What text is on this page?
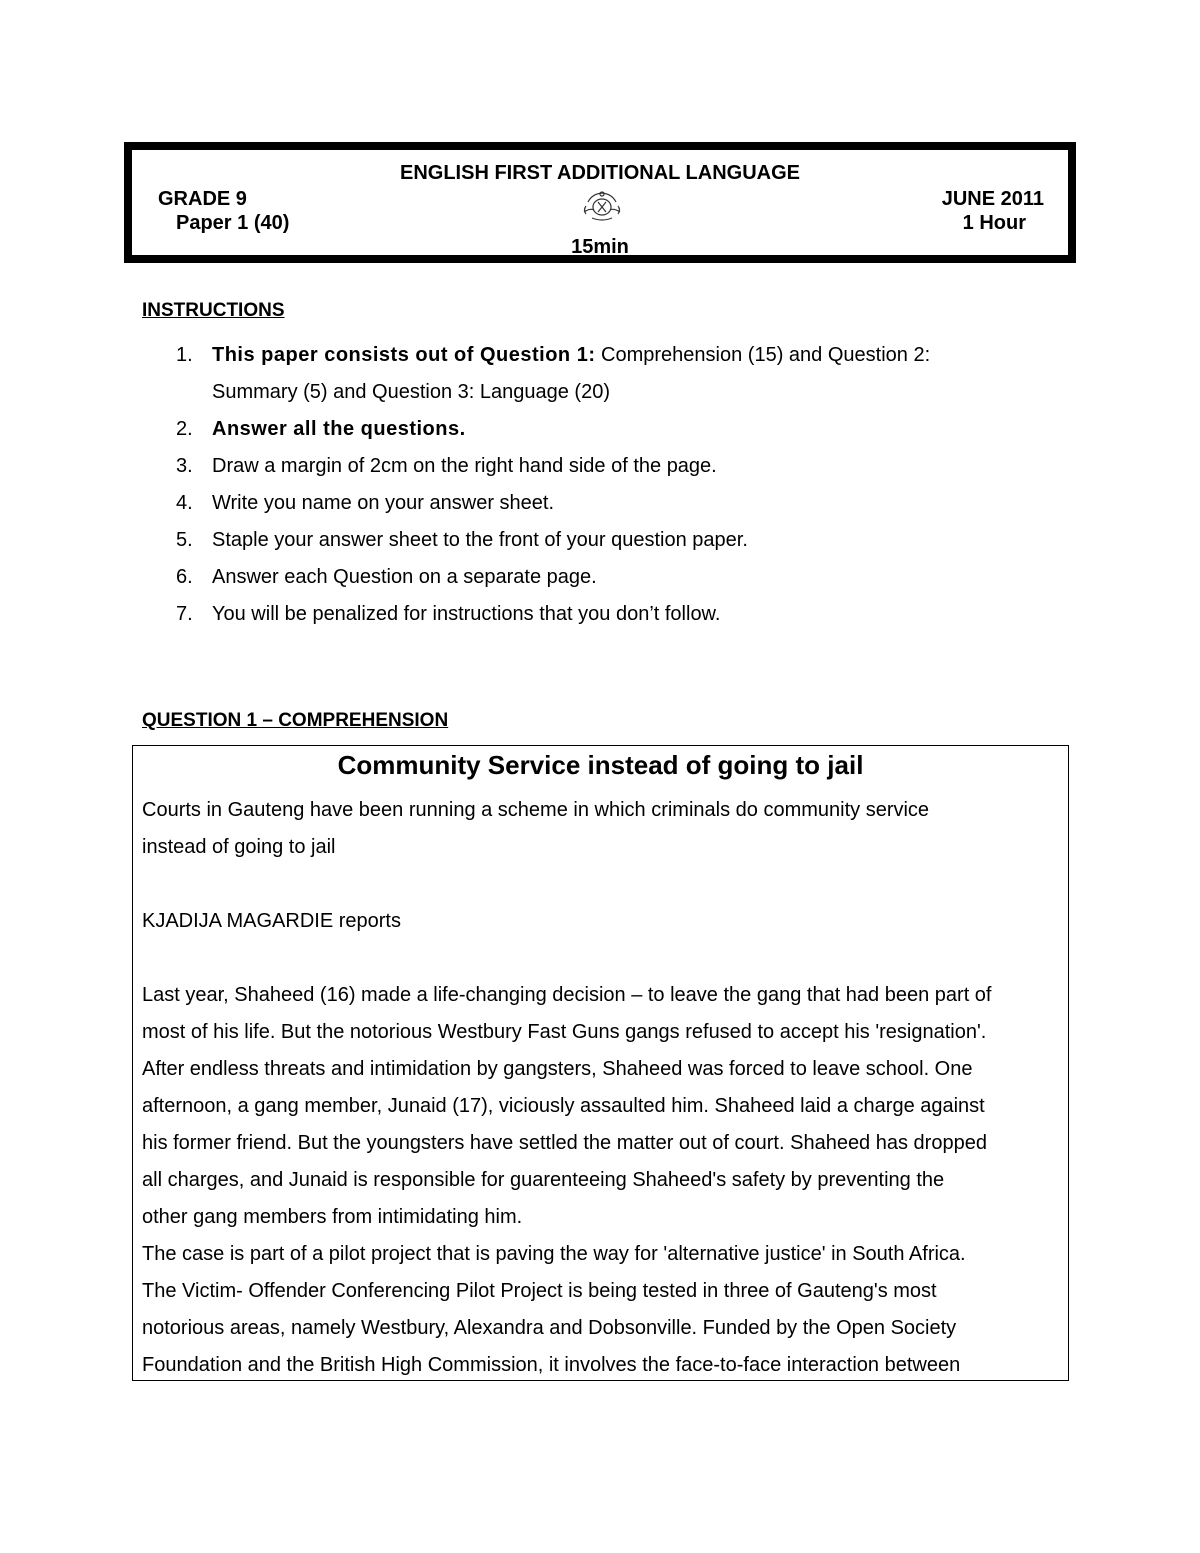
ENGLISH FIRST ADDITIONAL LANGUAGE
GRADE 9
Paper 1 (40)
JUNE 2011
1 Hour
15min
INSTRUCTIONS
1. This paper consists out of Question 1: Comprehension (15) and Question 2:
Summary (5) and Question 3: Language (20)
2. Answer all the questions.
3. Draw a margin of 2cm on the right hand side of the page.
4. Write you name on your answer sheet.
5. Staple your answer sheet to the front of your question paper.
6. Answer each Question on a separate page.
7. You will be penalized for instructions that you don’t follow.
QUESTION 1 – COMPREHENSION
Community Service instead of going to jail
Courts in Gauteng have been running a scheme in which criminals do community service
instead of going to jail
KJADIJA MAGARDIE reports
Last year, Shaheed (16) made a life-changing decision – to leave the gang that had been part of
most of his life. But the notorious Westbury Fast Guns gangs refused to accept his 'resignation'.
After endless threats and intimidation by gangsters, Shaheed was forced to leave school. One
afternoon, a gang member, Junaid (17), viciously assaulted him. Shaheed laid a charge against
his former friend. But the youngsters have settled the matter out of court. Shaheed has dropped
all charges, and Junaid is responsible for guarenteeing Shaheed's safety by preventing the
other gang members from intimidating him.
The case is part of a pilot project that is paving the way for 'alternative justice' in South Africa.
The Victim- Offender Conferencing Pilot Project is being tested in three of Gauteng's most
notorious areas, namely Westbury, Alexandra and Dobsonville. Funded by the Open Society
Foundation and the British High Commission, it involves the face-to-face interaction between
